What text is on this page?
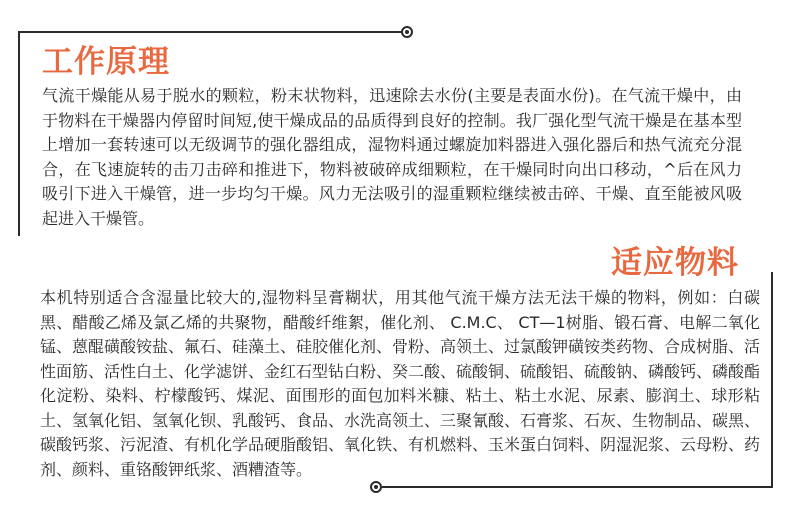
工作原理

气流干燥能从易于脱水的颗粒，粉末状物料，迅速除去水份(主要是表面水份)。在气流干燥中，由于物料在干燥器内停留时间短,使干燥成品的品质得到良好的控制。我厂强化型气流干燥是在基本型上增加一套转速可以无级调节的强化器组成，湿物料通过螺旋加料器进入强化器后和热气流充分混合，在飞速旋转的击刀击碎和推进下，物料被破碎成细颗粒，在干燥同时向出口移动，^后在风力吸引下进入干燥管，进一步均匀干燥。风力无法吸引的湿重颗粒继续被击碎、干燥、直至能被风吸起进入干燥管。

适应物料

本机特别适合含湿量比较大的,湿物料呈膏糊状，用其他气流干燥方法无法干燥的物料，例如：白碳黑、醋酸乙烯及氯乙烯的共聚物，醋酸纤维絮，催化剂、 C.M.C、 CT—1树脂、锻石膏、电解二氧化锰、蒽醌磺酸铵盐、氟石、硅藻土、硅胶催化剂、骨粉、高领土、过氯酸钾磺铵类药物、合成树脂、活性面筋、活性白土、化学滤饼、金红石型钻白粉、癸二酸、硫酸铜、硫酸铝、硫酸钠、磷酸钙、磷酸酯化淀粉、染料、柠檬酸钙、煤泥、面围形的面包加料米糠、粘土、粘土水泥、尿素、膨润土、球形粘土、氢氧化铝、氢氧化钡、乳酸钙、食品、水洗高领土、三聚氰酸、石膏浆、石灰、生物制品、碳黑、碳酸钙浆、污泥渣、有机化学品硬脂酸铝、氧化铁、有机燃料、玉米蛋白饲料、阴湿泥浆、云母粉、药剂、颜料、重铬酸钾纸浆、酒糟渣等。
